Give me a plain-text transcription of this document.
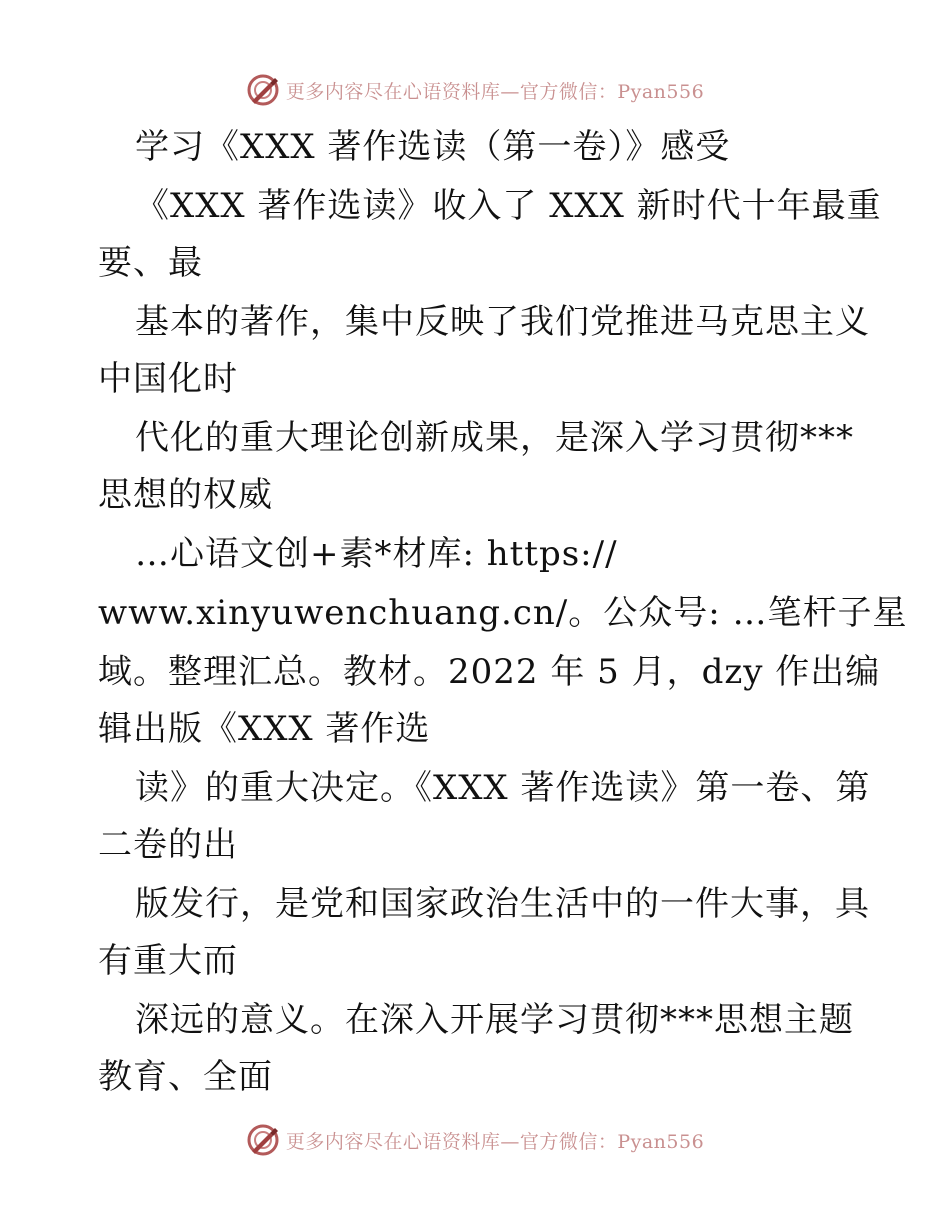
更多内容尽在心语资料库—官方微信：Pyan556
学习《XXX 著作选读（第一卷）》感受
《XXX 著作选读》收入了 XXX 新时代十年最重
要、最
基本的著作，集中反映了我们党推进马克思主义
中国化时
代化的重大理论创新成果，是深入学习贯彻***
思想的权威
…心语文创+素*材库: https://
www.xinyuwenchuang.cn/。公众号: …笔杆子星
域。整理汇总。教材。2022 年 5 月，dzy 作出编
辑出版《XXX 著作选
读》的重大决定。《XXX 著作选读》第一卷、第
二卷的出
版发行，是党和国家政治生活中的一件大事，具
有重大而
深远的意义。在深入开展学习贯彻***思想主题
教育、全面
更多内容尽在心语资料库—官方微信：Pyan556
